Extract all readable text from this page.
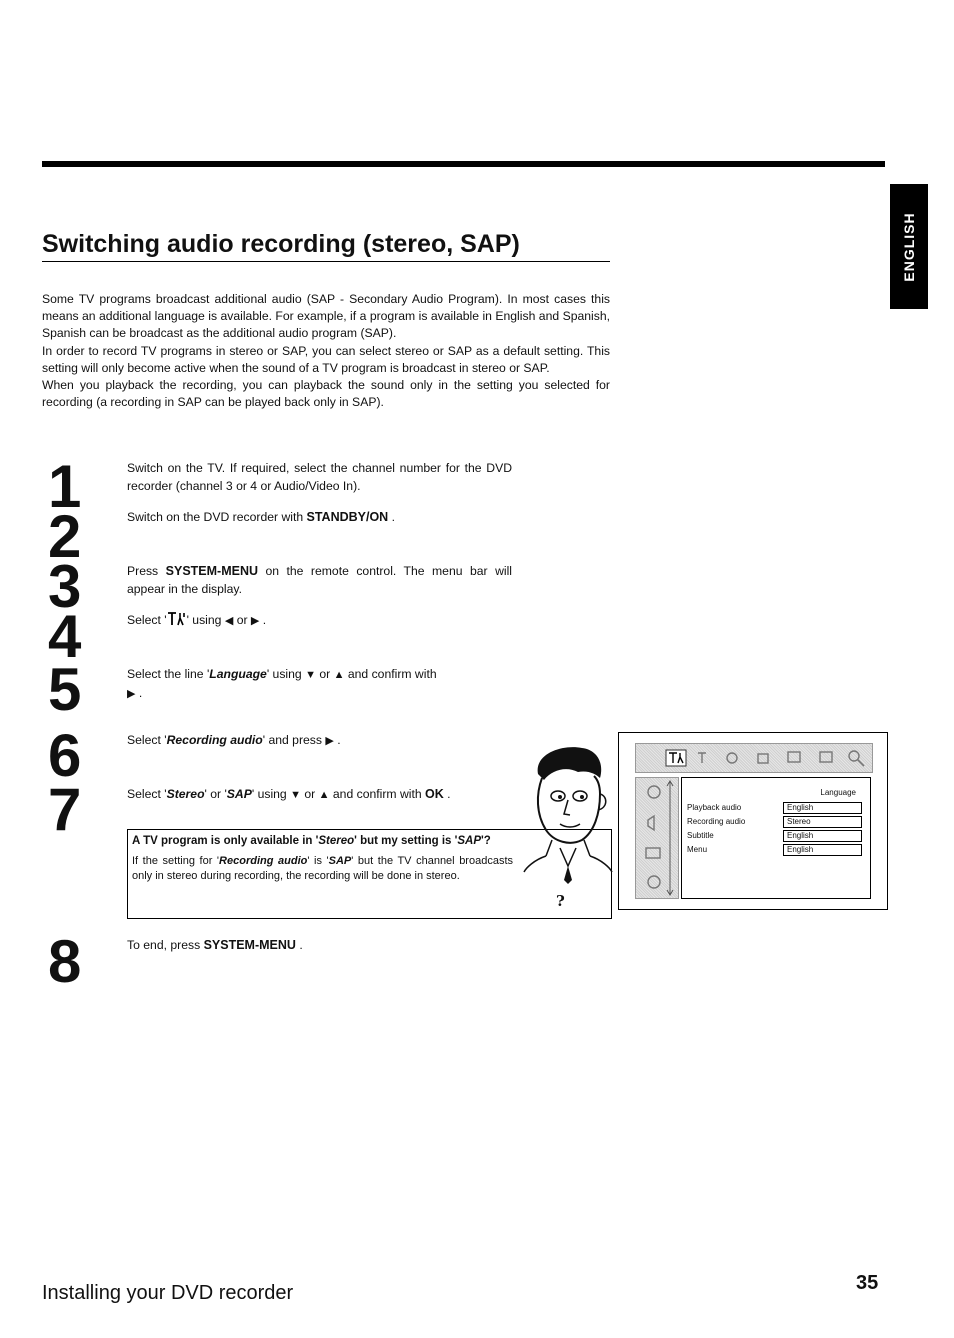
ENGLISH
Switching audio recording (stereo, SAP)

Some TV programs broadcast additional audio (SAP - Secondary Audio Program). In most cases this means an additional language is available. For example, if a program is available in English and Spanish, Spanish can be broadcast as the additional audio program (SAP).

In order to record TV programs in stereo or SAP, you can select stereo or SAP as a default setting. This setting will only become active when the sound of a TV program is broadcast in stereo or SAP.

When you playback the recording, you can playback the sound only in the setting you selected for recording (a recording in SAP can be played back only in SAP).

1
2
3
4
5
6
7
8
Switch on the TV. If required, select the channel number for the DVD recorder (channel 3 or 4 or Audio/Video In).
Switch on the DVD recorder with STANDBY/ON .
Press SYSTEM-MENU on the remote control. The menu bar will appear in the display.
Select ' ' using ◀ or ▶ .
Select the line 'Language' using ▼ or ▲ and confirm with
▶ .
Select 'Recording audio' and press ▶ .
Select 'Stereo' or 'SAP' using ▼ or ▲ and confirm with OK .
To end, press SYSTEM-MENU .

A TV program is only available in 'Stereo' but my setting is 'SAP'?

If the setting for 'Recording audio' is 'SAP' but the TV channel broadcasts only in stereo during recording, the recording will be done in stereo.

?
Language
Playback audio	English
Recording audio	Stereo
Subtitle	English
Menu	English
Installing your DVD recorder	35
